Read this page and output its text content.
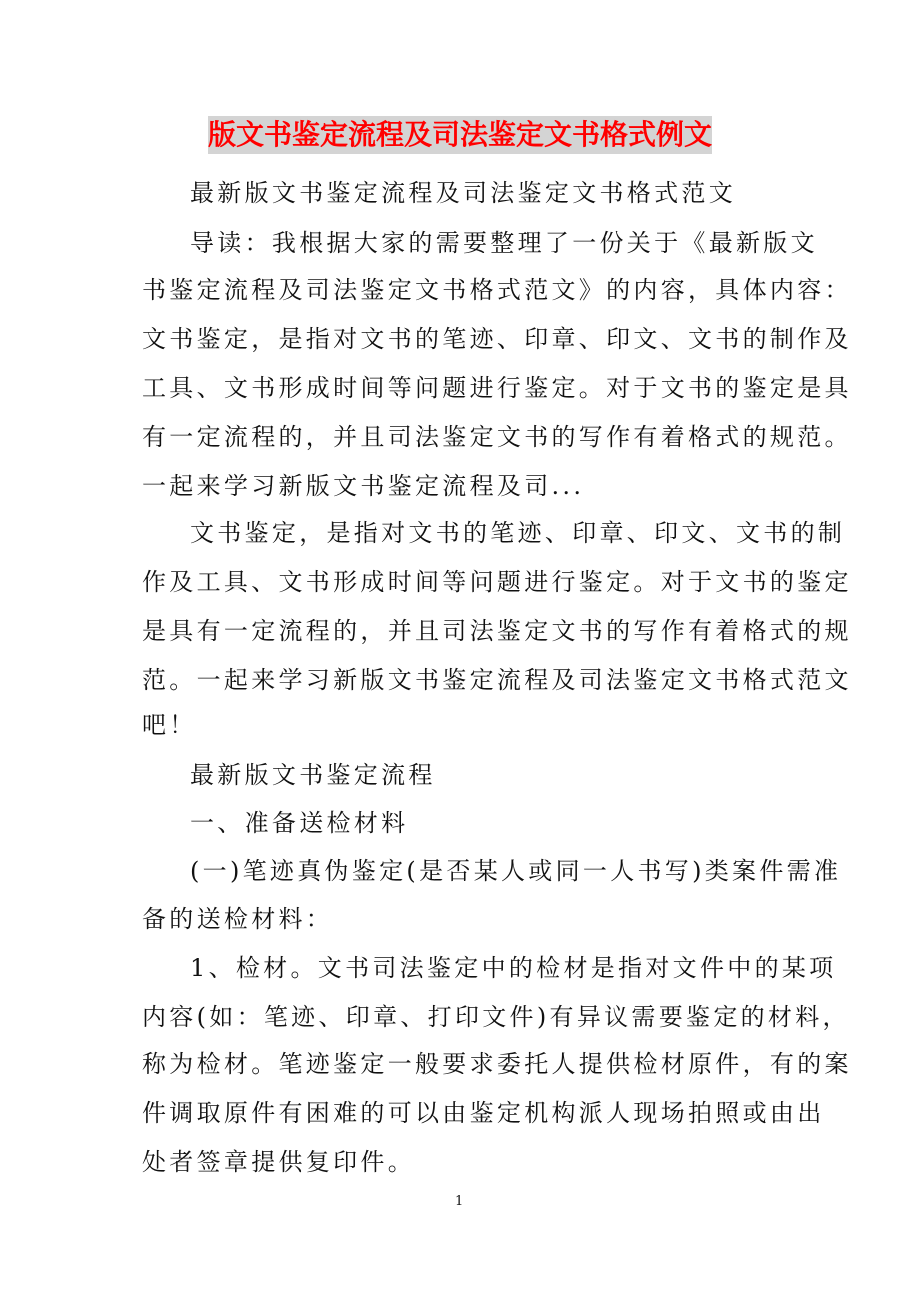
版文书鉴定流程及司法鉴定文书格式例文
最新版文书鉴定流程及司法鉴定文书格式范文
导读：我根据大家的需要整理了一份关于《最新版文
书鉴定流程及司法鉴定文书格式范文》的内容，具体内容：
文书鉴定，是指对文书的笔迹、印章、印文、文书的制作及
工具、文书形成时间等问题进行鉴定。对于文书的鉴定是具
有一定流程的，并且司法鉴定文书的写作有着格式的规范。
一起来学习新版文书鉴定流程及司...
文书鉴定，是指对文书的笔迹、印章、印文、文书的制
作及工具、文书形成时间等问题进行鉴定。对于文书的鉴定
是具有一定流程的，并且司法鉴定文书的写作有着格式的规
范。一起来学习新版文书鉴定流程及司法鉴定文书格式范文
吧！
最新版文书鉴定流程
一、准备送检材料
(一)笔迹真伪鉴定(是否某人或同一人书写)类案件需准
备的送检材料：
1、检材。文书司法鉴定中的检材是指对文件中的某项
内容(如：笔迹、印章、打印文件)有异议需要鉴定的材料，
称为检材。笔迹鉴定一般要求委托人提供检材原件，有的案
件调取原件有困难的可以由鉴定机构派人现场拍照或由出
处者签章提供复印件。
1
